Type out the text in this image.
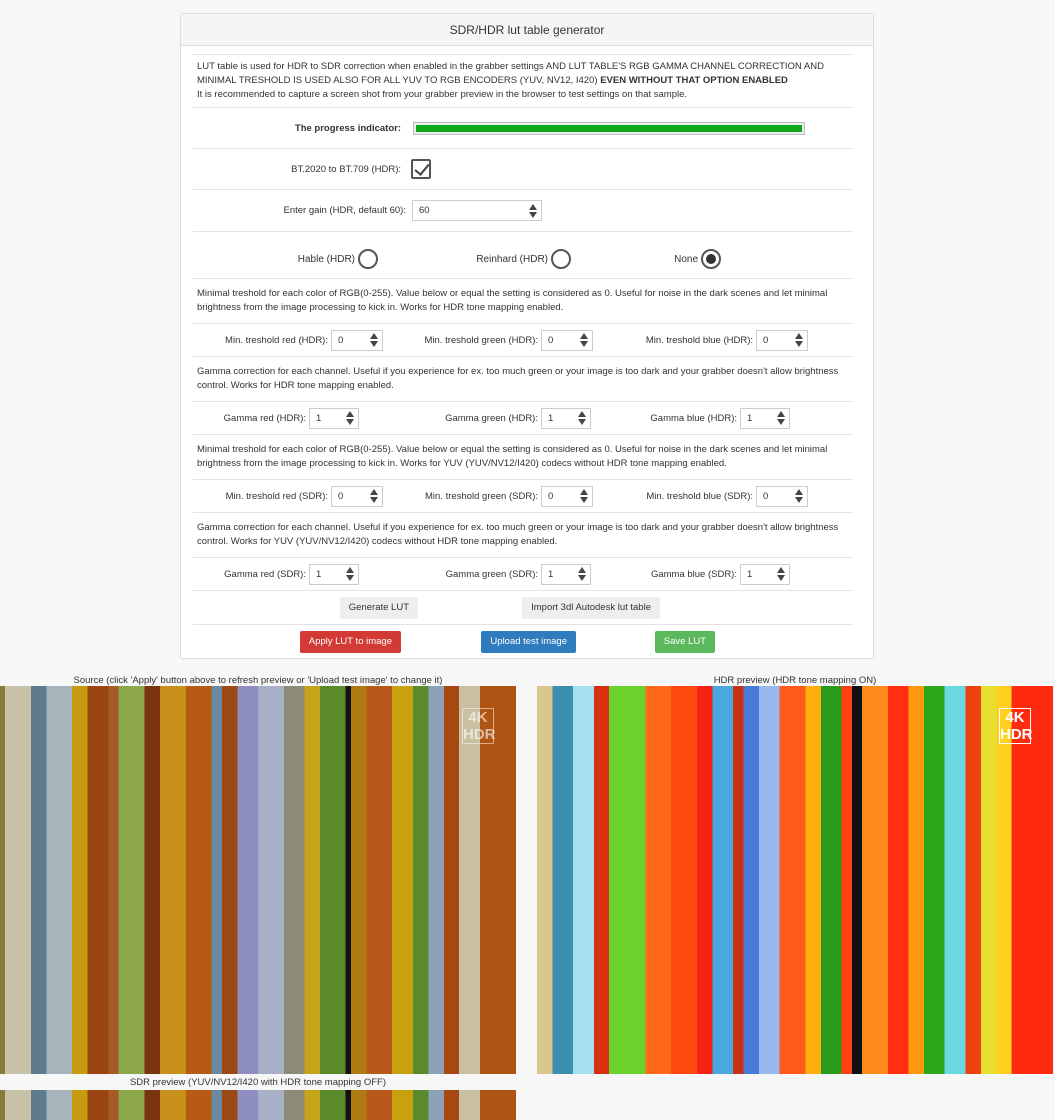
SDR/HDR lut table generator
LUT table is used for HDR to SDR correction when enabled in the grabber settings AND LUT TABLE'S RGB GAMMA CHANNEL CORRECTION AND MINIMAL TRESHOLD IS USED ALSO FOR ALL YUV TO RGB ENCODERS (YUV, NV12, I420) EVEN WITHOUT THAT OPTION ENABLED
It is recommended to capture a screen shot from your grabber preview in the browser to test settings on that sample.
The progress indicator:
BT.2020 to BT.709 (HDR):
Enter gain (HDR, default 60):	60
Hable (HDR)	Reinhard (HDR)	None
Minimal treshold for each color of RGB(0-255). Value below or equal the setting is considered as 0. Useful for noise in the dark scenes and let minimal brightness from the image processing to kick in. Works for HDR tone mapping enabled.
Min. treshold red (HDR):	0	Min. treshold green (HDR):	0	Min. treshold blue (HDR):	0
Gamma correction for each channel. Useful if you experience for ex. too much green or your image is too dark and your grabber doesn't allow brightness control. Works for HDR tone mapping enabled.
Gamma red (HDR):	1	Gamma green (HDR):	1	Gamma blue (HDR):	1
Minimal treshold for each color of RGB(0-255). Value below or equal the setting is considered as 0. Useful for noise in the dark scenes and let minimal brightness from the image processing to kick in. Works for YUV (YUV/NV12/I420) codecs without HDR tone mapping enabled.
Min. treshold red (SDR):	0	Min. treshold green (SDR):	0	Min. treshold blue (SDR):	0
Gamma correction for each channel. Useful if you experience for ex. too much green or your image is too dark and your grabber doesn't allow brightness control. Works for YUV (YUV/NV12/I420) codecs without HDR tone mapping enabled.
Gamma red (SDR):	1	Gamma green (SDR):	1	Gamma blue (SDR):	1
Generate LUT	Import 3dl Autodesk lut table
Apply LUT to image	Upload test image	Save LUT
Source (click 'Apply' button above to refresh preview or 'Upload test image' to change it)
4K
HDR
HDR preview (HDR tone mapping ON)
4K
HDR
SDR preview (YUV/NV12/I420 with HDR tone mapping OFF)
